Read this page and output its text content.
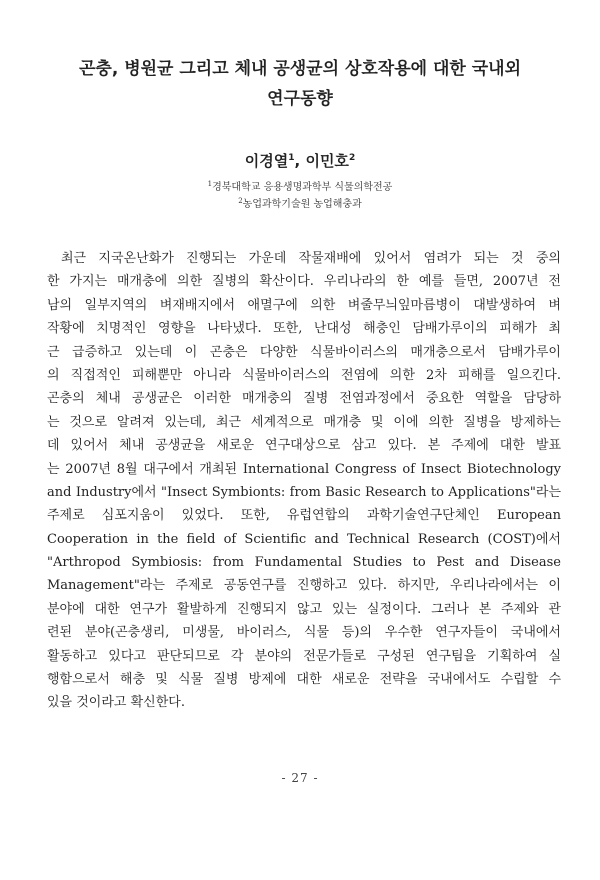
곤충, 병원균 그리고 체내 공생균의 상호작용에 대한 국내외
연구동향
이경열$^1$, 이민호$^2$
$^1$경북대학교 응용생명과학부 식물의학전공
$^2$농업과학기술원 농업해충과
최근 지국온난화가 진행되는 가운데 작물재배에 있어서 염려가 되는 것 중의
한 가지는 매개충에 의한 질병의 확산이다. 우리나라의 한 예를 들면, 2007년 전
남의 일부지역의 벼재배지에서 애멸구에 의한 벼줄무늬잎마름병이 대발생하여 벼
작황에 치명적인 영향을 나타냈다. 또한, 난대성 해충인 담배가루이의 피해가 최
근 급증하고 있는데 이 곤충은 다양한 식물바이러스의 매개충으로서 담배가루이
의 직접적인 피해뿐만 아니라 식물바이러스의 전염에 의한 2차 피해를 일으킨다.
곤충의 체내 공생균은 이러한 매개충의 질병 전염과정에서 중요한 역할을 담당하
는 것으로 알려져 있는데, 최근 세계적으로 매개충 및 이에 의한 질병을 방제하는
데 있어서 체내 공생균을 새로운 연구대상으로 삼고 있다. 본 주제에 대한 발표
는 2007년 8월 대구에서 개최된 International Congress of Insect Biotechnology
and Industry에서 "Insect Symbionts: from Basic Research to Applications"라는
주제로 심포지움이 있었다. 또한, 유럽연합의 과학기술연구단체인 European
Cooperation in the field of Scientific and Technical Research (COST)에서
"Arthropod Symbiosis: from Fundamental Studies to Pest and Disease
Management"라는 주제로 공동연구를 진행하고 있다. 하지만, 우리나라에서는 이
분야에 대한 연구가 활발하게 진행되지 않고 있는 실정이다. 그러나 본 주제와 관
련된 분야(곤충생리, 미생물, 바이러스, 식물 등)의 우수한 연구자들이 국내에서
활동하고 있다고 판단되므로 각 분야의 전문가들로 구성된 연구팀을 기획하여 실
행함으로서 해충 및 식물 질병 방제에 대한 새로운 전략을 국내에서도 수립할 수
있을 것이라고 확신한다.
- 27 -
